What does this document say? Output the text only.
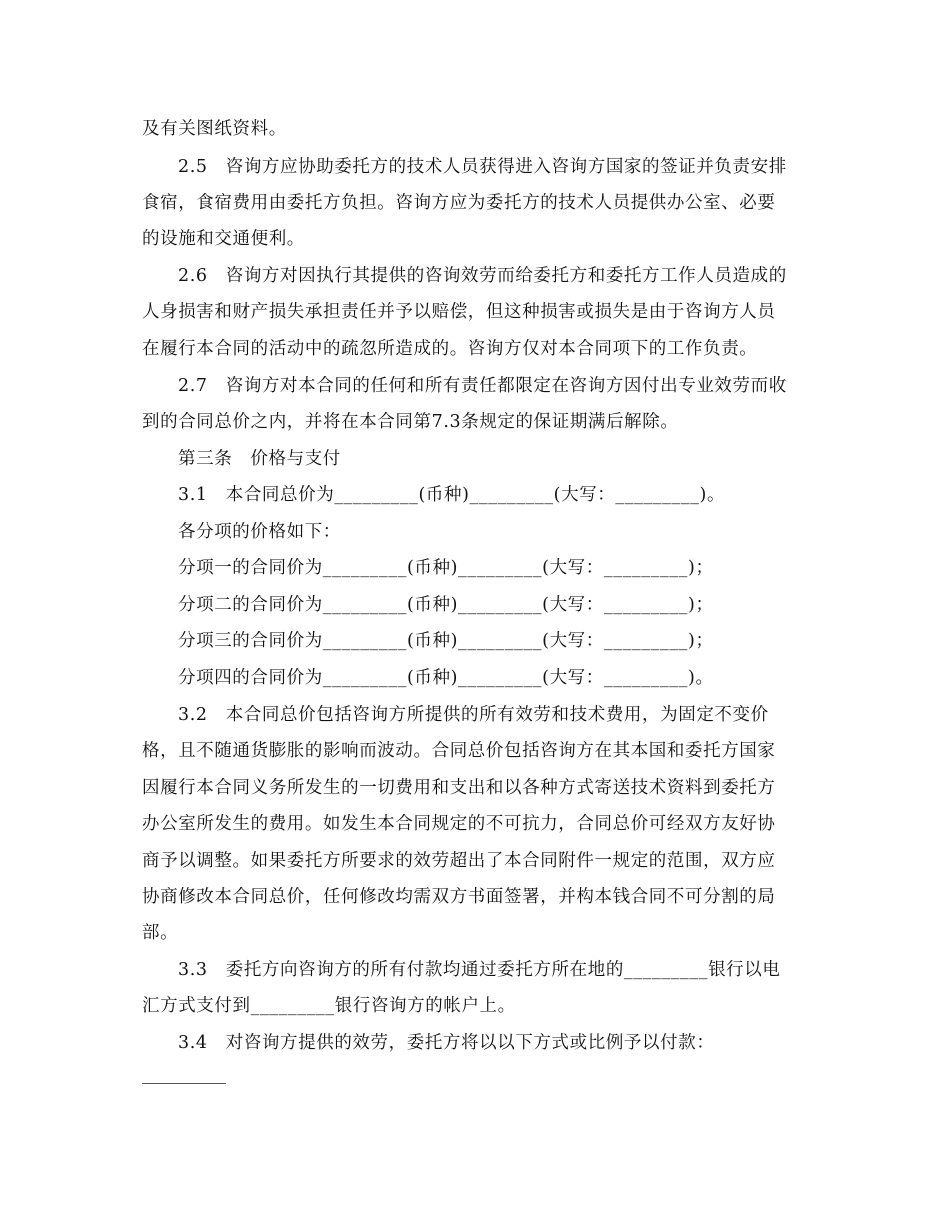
及有关图纸资料。
2.5　咨询方应协助委托方的技术人员获得进入咨询方国家的签证并负责安排
食宿，食宿费用由委托方负担。咨询方应为委托方的技术人员提供办公室、必要
的设施和交通便利。
2.6　咨询方对因执行其提供的咨询效劳而给委托方和委托方工作人员造成的
人身损害和财产损失承担责任并予以赔偿，但这种损害或损失是由于咨询方人员
在履行本合同的活动中的疏忽所造成的。咨询方仅对本合同项下的工作负责。
2.7　咨询方对本合同的任何和所有责任都限定在咨询方因付出专业效劳而收
到的合同总价之内，并将在本合同第7.3条规定的保证期满后解除。
第三条　价格与支付
3.1　本合同总价为_________(币种)_________(大写：_________)。
各分项的价格如下：
分项一的合同价为_________(币种)_________(大写：_________)；
分项二的合同价为_________(币种)_________(大写：_________)；
分项三的合同价为_________(币种)_________(大写：_________)；
分项四的合同价为_________(币种)_________(大写：_________)。
3.2　本合同总价包括咨询方所提供的所有效劳和技术费用，为固定不变价
格，且不随通货膨胀的影响而波动。合同总价包括咨询方在其本国和委托方国家
因履行本合同义务所发生的一切费用和支出和以各种方式寄送技术资料到委托方
办公室所发生的费用。如发生本合同规定的不可抗力，合同总价可经双方友好协
商予以调整。如果委托方所要求的效劳超出了本合同附件一规定的范围，双方应
协商修改本合同总价，任何修改均需双方书面签署，并构本钱合同不可分割的局
部。
3.3　委托方向咨询方的所有付款均通过委托方所在地的_________银行以电
汇方式支付到_________银行咨询方的帐户上。
3.4　对咨询方提供的效劳，委托方将以以下方式或比例予以付款：
